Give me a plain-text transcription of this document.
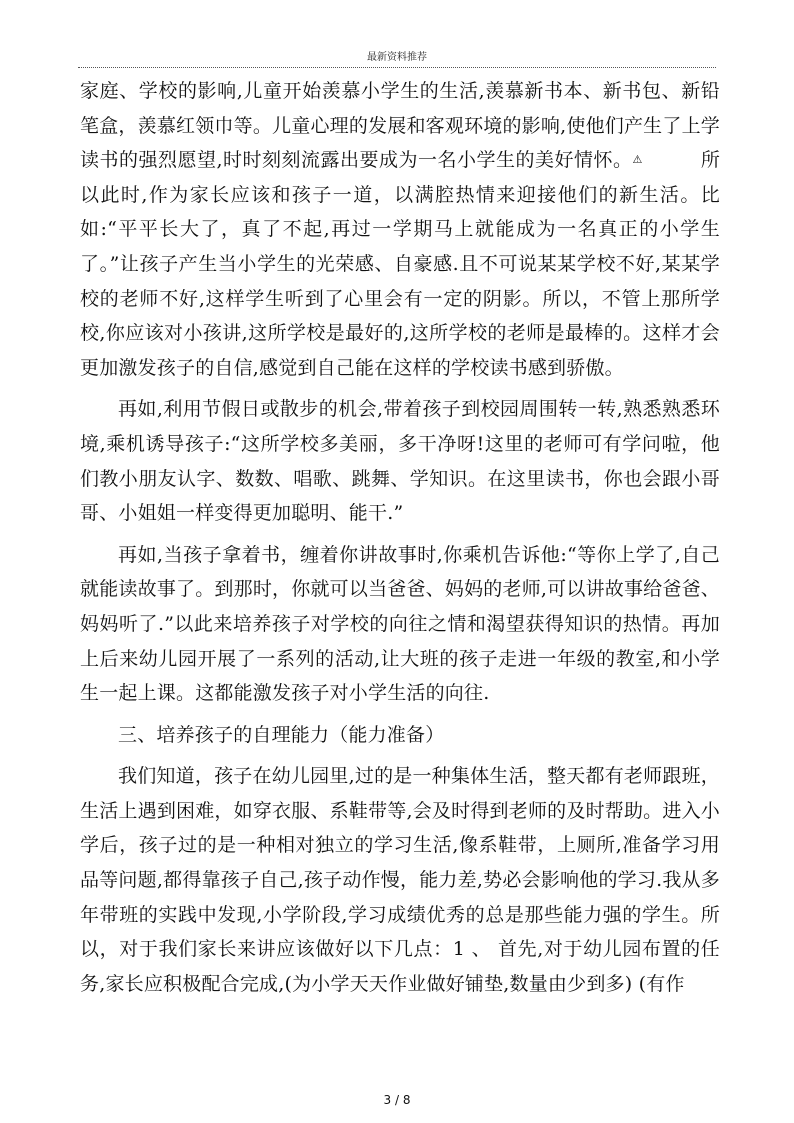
最新资料推荐

家庭、学校的影响,儿童开始羡慕小学生的生活,羡慕新书本、新书包、新铅笔盒，羡慕红领巾等。儿童心理的发展和客观环境的影响,使他们产生了上学读书的强烈愿望,时时刻刻流露出要成为一名小学生的美好情怀。⚠   	所以此时,作为家长应该和孩子一道，以满腔热情来迎接他们的新生活。比如:“平平长大了，真了不起,再过一学期马上就能成为一名真正的小学生了。”让孩子产生当小学生的光荣感、自豪感.且不可说某某学校不好,某某学校的老师不好,这样学生听到了心里会有一定的阴影。所以，不管上那所学校,你应该对小孩讲,这所学校是最好的,这所学校的老师是最棒的。这样才会更加激发孩子的自信,感觉到自己能在这样的学校读书感到骄傲。

再如,利用节假日或散步的机会,带着孩子到校园周围转一转,熟悉熟悉环境,乘机诱导孩子:“这所学校多美丽，多干净呀!这里的老师可有学问啦，他们教小朋友认字、数数、唱歌、跳舞、学知识。在这里读书，你也会跟小哥哥、小姐姐一样变得更加聪明、能干.”

再如,当孩子拿着书，缠着你讲故事时,你乘机告诉他:“等你上学了,自己就能读故事了。到那时，你就可以当爸爸、妈妈的老师,可以讲故事给爸爸、妈妈听了.”以此来培养孩子对学校的向往之情和渴望获得知识的热情。再加上后来幼儿园开展了一系列的活动,让大班的孩子走进一年级的教室,和小学生一起上课。这都能激发孩子对小学生活的向往.

三、培养孩子的自理能力（能力准备）

我们知道，孩子在幼儿园里,过的是一种集体生活，整天都有老师跟班，生活上遇到困难，如穿衣服、系鞋带等,会及时得到老师的及时帮助。进入小学后，孩子过的是一种相对独立的学习生活,像系鞋带，上厕所,准备学习用品等问题,都得靠孩子自己,孩子动作慢，能力差,势必会影响他的学习.我从多年带班的实践中发现,小学阶段,学习成绩优秀的总是那些能力强的学生。所以，对于我们家长来讲应该做好以下几点：1 、 首先,对于幼儿园布置的任务,家长应积极配合完成,(为小学天天作业做好铺垫,数量由少到多) (有作

3 / 8
